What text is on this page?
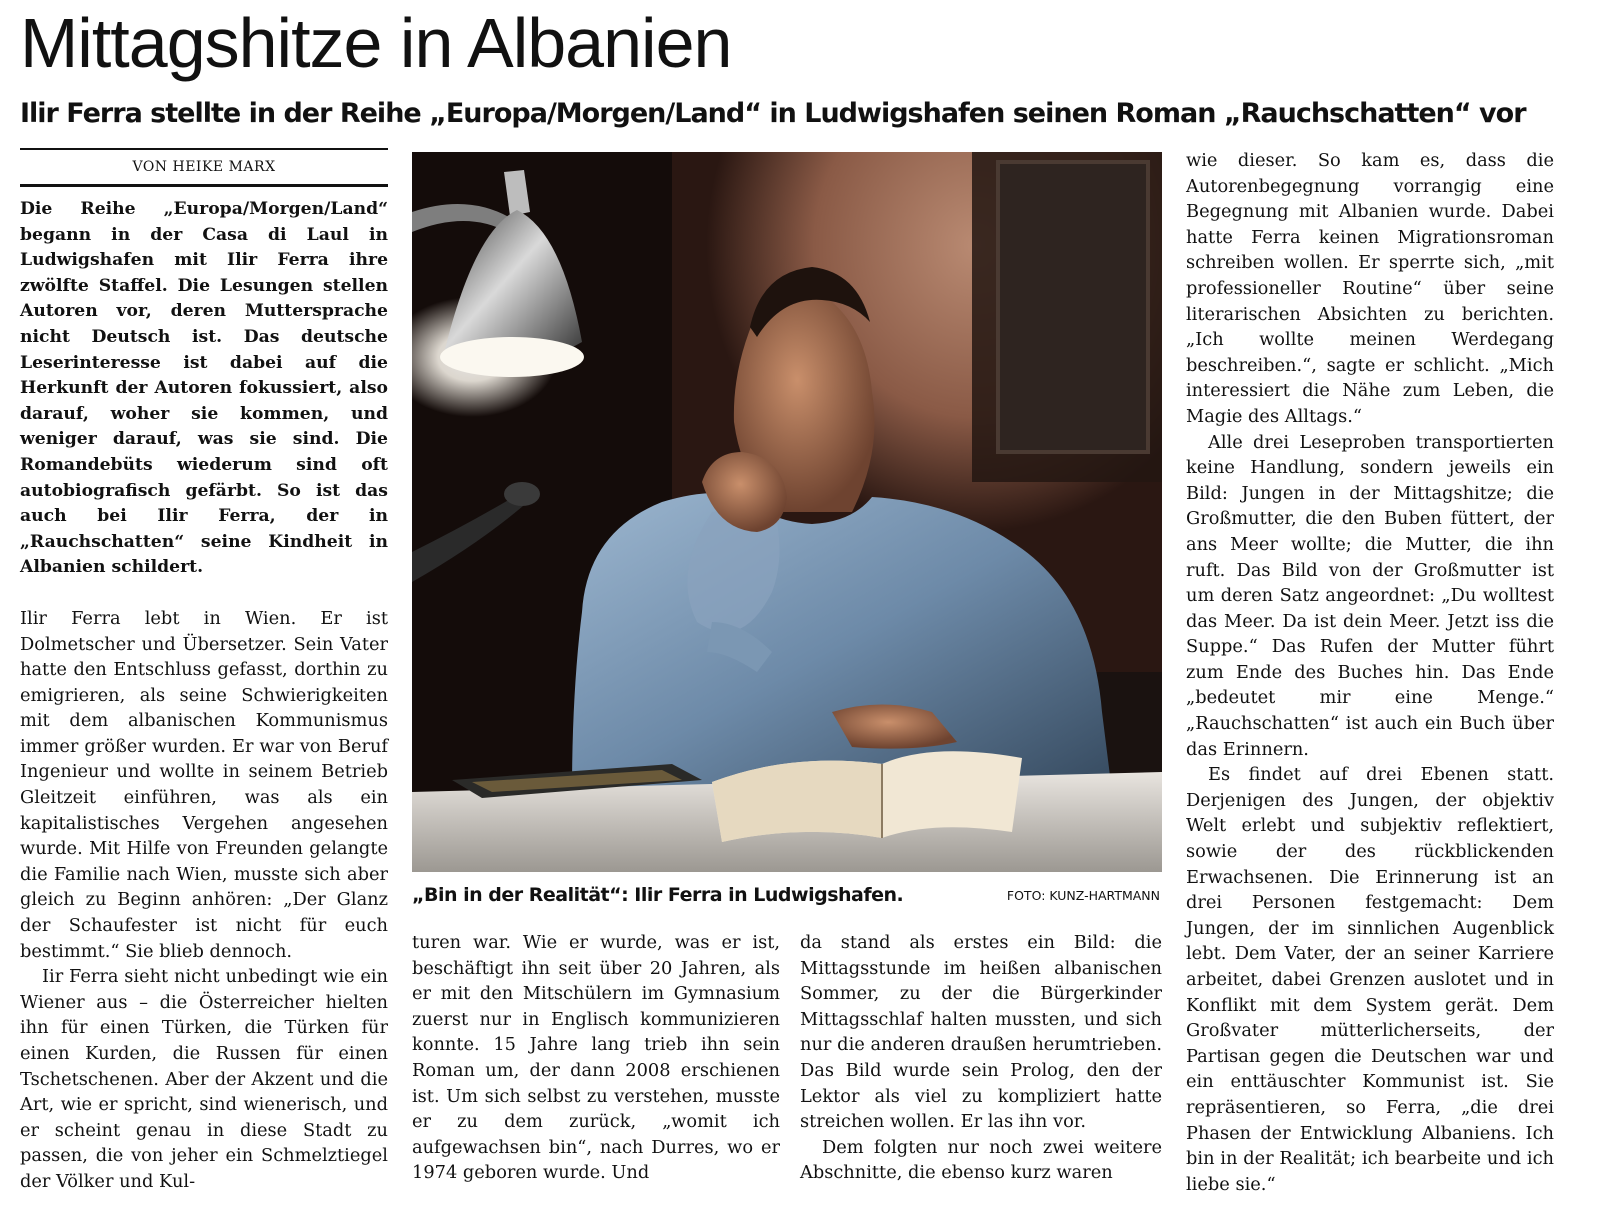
Mittagshitze in Albanien
Ilir Ferra stellte in der Reihe „Europa/Morgen/Land“ in Ludwigshafen seinen Roman „Rauchschatten“ vor
VON HEIKE MARX

Die Reihe „Europa/Morgen/Land“ begann in der Casa di Laul in Ludwigshafen mit Ilir Ferra ihre zwölfte Staffel. Die Lesungen stellen Autoren vor, deren Muttersprache nicht Deutsch ist. Das deutsche Leserinteresse ist dabei auf die Herkunft der Autoren fokussiert, also darauf, woher sie kommen, und weniger darauf, was sie sind. Die Romandebüts wiederum sind oft autobiografisch gefärbt. So ist das auch bei Ilir Ferra, der in „Rauchschatten“ seine Kindheit in Albanien schildert.

Ilir Ferra lebt in Wien. Er ist Dolmetscher und Übersetzer. Sein Vater hatte den Entschluss gefasst, dorthin zu emigrieren, als seine Schwierigkeiten mit dem albanischen Kommunismus immer größer wurden. Er war von Beruf Ingenieur und wollte in seinem Betrieb Gleitzeit einführen, was als ein kapitalistisches Vergehen angesehen wurde. Mit Hilfe von Freunden gelangte die Familie nach Wien, musste sich aber gleich zu Beginn anhören: „Der Glanz der Schaufester ist nicht für euch bestimmt.“ Sie blieb dennoch.

Iir Ferra sieht nicht unbedingt wie ein Wiener aus – die Österreicher hielten ihn für einen Türken, die Türken für einen Kurden, die Russen für einen Tschetschenen. Aber der Akzent und die Art, wie er spricht, sind wienerisch, und er scheint genau in diese Stadt zu passen, die von jeher ein Schmelztiegel der Völker und Kul-

„Bin in der Realität“: Ilir Ferra in Ludwigshafen.	FOTO: KUNZ-HARTMANN

turen war. Wie er wurde, was er ist, beschäftigt ihn seit über 20 Jahren, als er mit den Mitschülern im Gymnasium zuerst nur in Englisch kommunizieren konnte. 15 Jahre lang trieb ihn sein Roman um, der dann 2008 erschienen ist. Um sich selbst zu verstehen, musste er zu dem zurück, „womit ich aufgewachsen bin“, nach Durres, wo er 1974 geboren wurde. Und

da stand als erstes ein Bild: die Mittagsstunde im heißen albanischen Sommer, zu der die Bürgerkinder Mittagsschlaf halten mussten, und sich nur die anderen draußen herumtrieben. Das Bild wurde sein Prolog, den der Lektor als viel zu kompliziert hatte streichen wollen. Er las ihn vor.

Dem folgten nur noch zwei weitere Abschnitte, die ebenso kurz waren

wie dieser. So kam es, dass die Autorenbegegnung vorrangig eine Begegnung mit Albanien wurde. Dabei hatte Ferra keinen Migrationsroman schreiben wollen. Er sperrte sich, „mit professioneller Routine“ über seine literarischen Absichten zu berichten. „Ich wollte meinen Werdegang beschreiben.“, sagte er schlicht. „Mich interessiert die Nähe zum Leben, die Magie des Alltags.“

Alle drei Leseproben transportierten keine Handlung, sondern jeweils ein Bild: Jungen in der Mittagshitze; die Großmutter, die den Buben füttert, der ans Meer wollte; die Mutter, die ihn ruft. Das Bild von der Großmutter ist um deren Satz angeordnet: „Du wolltest das Meer. Da ist dein Meer. Jetzt iss die Suppe.“ Das Rufen der Mutter führt zum Ende des Buches hin. Das Ende „bedeutet mir eine Menge.“ „Rauchschatten“ ist auch ein Buch über das Erinnern.

Es findet auf drei Ebenen statt. Derjenigen des Jungen, der objektiv Welt erlebt und subjektiv reflektiert, sowie der des rückblickenden Erwachsenen. Die Erinnerung ist an drei Personen festgemacht: Dem Jungen, der im sinnlichen Augenblick lebt. Dem Vater, der an seiner Karriere arbeitet, dabei Grenzen auslotet und in Konflikt mit dem System gerät. Dem Großvater mütterlicherseits, der Partisan gegen die Deutschen war und ein enttäuschter Kommunist ist. Sie repräsentieren, so Ferra, „die drei Phasen der Entwicklung Albaniens. Ich bin in der Realität; ich bearbeite und ich liebe sie.“
